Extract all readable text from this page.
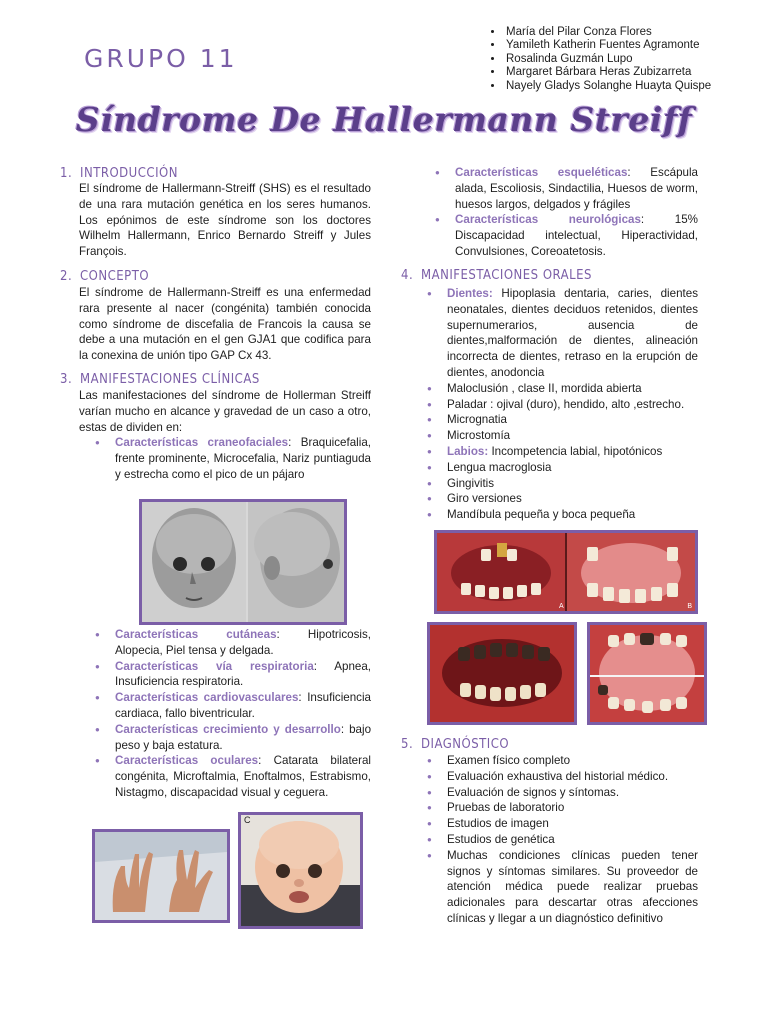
GRUPO 11
• María del Pilar Conza Flores
• Yamileth Katherin Fuentes Agramonte
• Rosalinda Guzmán Lupo
• Margaret Bárbara Heras Zubizarreta
• Nayely Gladys Solanghe Huayta Quispe
Síndrome De Hallermann Streiff
1. INTRODUCCIÓN
El síndrome de Hallermann-Streiff (SHS) es el resultado de una rara mutación genética en los seres humanos. Los epónimos de este síndrome son los doctores Wilhelm Hallermann, Enrico Bernardo Streiff y Jules François.
2. CONCEPTO
El síndrome de Hallermann-Streiff es una enfermedad rara presente al nacer (congénita) también conocida como síndrome de discefalia de Francois la causa se debe a una mutación en el gen GJA1 que codifica para la conexina de unión tipo GAP Cx 43.
3. MANIFESTACIONES CLÍNICAS
Las manifestaciones del síndrome de Hollerman Streiff varían mucho en alcance y gravedad de un caso a otro, estas de dividen en:
● Características craneofaciales: Braquicefalia, frente prominente, Microcefalia, Nariz puntiaguda y estrecha como el pico de un pájaro
● Características cutáneas: Hipotricosis, Alopecia, Piel tensa y delgada.
● Características vía respiratoria: Apnea, Insuficiencia respiratoria.
● Características cardiovasculares: Insuficiencia cardiaca, fallo biventricular.
● Características crecimiento y desarrollo: bajo peso y baja estatura.
● Características oculares: Catarata bilateral congénita, Microftalmia, Enoftalmos, Estrabismo, Nistagmo, discapacidad visual y ceguera.
C
● Características esqueléticas: Escápula alada, Escoliosis, Sindactilia, Huesos de worm, huesos largos, delgados y frágiles
● Características neurológicas: 15% Discapacidad intelectual, Hiperactividad, Convulsiones, Coreoatetosis.
4. MANIFESTACIONES ORALES
● Dientes: Hipoplasia dentaria, caries, dientes neonatales, dientes deciduos retenidos, dientes supernumerarios, ausencia de dientes,malformación de dientes, alineación incorrecta de dientes, retraso en la erupción de dientes, anodoncia
● Maloclusión , clase II, mordida abierta
● Paladar : ojival (duro), hendido, alto ,estrecho.
● Micrognatia
● Microstomía
● Labios: Incompetencia labial, hipotónicos
● Lengua macroglosia
● Gingivitis
● Giro versiones
● Mandíbula pequeña y boca pequeña
A	B
5. DIAGNÓSTICO
● Examen físico completo
● Evaluación exhaustiva del historial médico.
● Evaluación de signos y síntomas.
● Pruebas de laboratorio
● Estudios de imagen
● Estudios de genética
● Muchas condiciones clínicas pueden tener signos y síntomas similares. Su proveedor de atención médica puede realizar pruebas adicionales para descartar otras afecciones clínicas y llegar a un diagnóstico definitivo
